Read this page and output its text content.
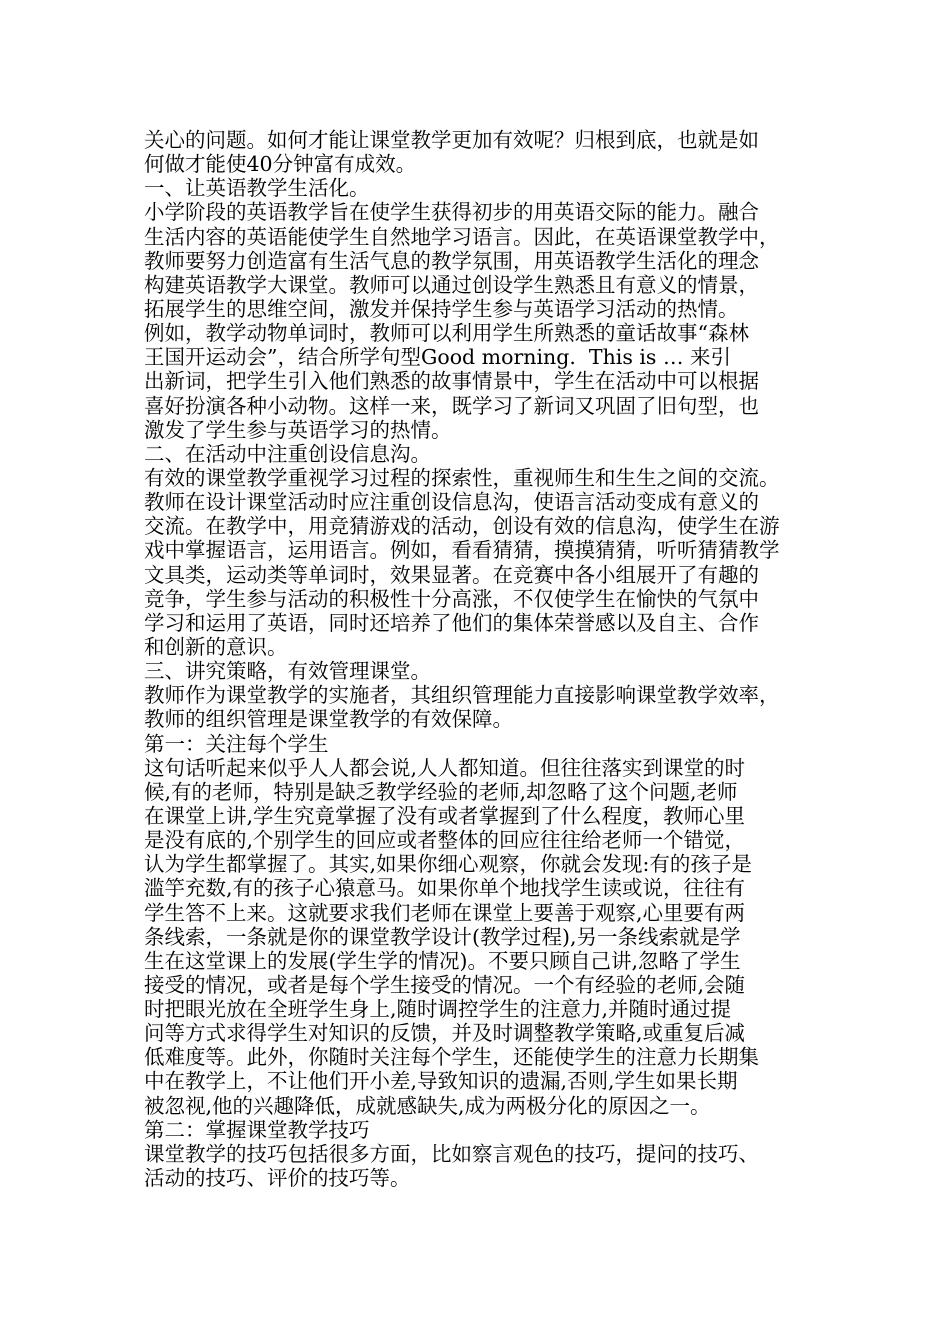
关心的问题。如何才能让课堂教学更加有效呢？归根到底，也就是如
何做才能使40分钟富有成效。
一、让英语教学生活化。
小学阶段的英语教学旨在使学生获得初步的用英语交际的能力。融合
生活内容的英语能使学生自然地学习语言。因此，在英语课堂教学中，
教师要努力创造富有生活气息的教学氛围，用英语教学生活化的理念
构建英语教学大课堂。教师可以通过创设学生熟悉且有意义的情景，
拓展学生的思维空间，激发并保持学生参与英语学习活动的热情。
例如，教学动物单词时，教师可以利用学生所熟悉的童话故事“森林
王国开运动会”，结合所学句型Good morning.  This is … 来引
出新词，把学生引入他们熟悉的故事情景中，学生在活动中可以根据
喜好扮演各种小动物。这样一来，既学习了新词又巩固了旧句型，也
激发了学生参与英语学习的热情。
二、在活动中注重创设信息沟。
有效的课堂教学重视学习过程的探索性，重视师生和生生之间的交流。
教师在设计课堂活动时应注重创设信息沟，使语言活动变成有意义的
交流。在教学中，用竞猜游戏的活动，创设有效的信息沟，使学生在游
戏中掌握语言，运用语言。例如，看看猜猜，摸摸猜猜，听听猜猜教学
文具类，运动类等单词时，效果显著。在竞赛中各小组展开了有趣的
竞争，学生参与活动的积极性十分高涨，不仅使学生在愉快的气氛中
学习和运用了英语，同时还培养了他们的集体荣誉感以及自主、合作
和创新的意识。
三、讲究策略，有效管理课堂。
教师作为课堂教学的实施者，其组织管理能力直接影响课堂教学效率，
教师的组织管理是课堂教学的有效保障。
第一：关注每个学生
这句话听起来似乎人人都会说,人人都知道。但往往落实到课堂的时
候,有的老师，特别是缺乏教学经验的老师,却忽略了这个问题,老师
在课堂上讲,学生究竟掌握了没有或者掌握到了什么程度，教师心里
是没有底的,个别学生的回应或者整体的回应往往给老师一个错觉，
认为学生都掌握了。其实,如果你细心观察，你就会发现:有的孩子是
滥竽充数,有的孩子心猿意马。如果你单个地找学生读或说，往往有
学生答不上来。这就要求我们老师在课堂上要善于观察,心里要有两
条线索，一条就是你的课堂教学设计(教学过程),另一条线索就是学
生在这堂课上的发展(学生学的情况)。不要只顾自己讲,忽略了学生
接受的情况，或者是每个学生接受的情况。一个有经验的老师,会随
时把眼光放在全班学生身上,随时调控学生的注意力,并随时通过提
问等方式求得学生对知识的反馈，并及时调整教学策略,或重复后减
低难度等。此外，你随时关注每个学生，还能使学生的注意力长期集
中在教学上，不让他们开小差,导致知识的遗漏,否则,学生如果长期
被忽视,他的兴趣降低，成就感缺失,成为两极分化的原因之一。
第二：掌握课堂教学技巧
课堂教学的技巧包括很多方面，比如察言观色的技巧，提问的技巧、
活动的技巧、评价的技巧等。
